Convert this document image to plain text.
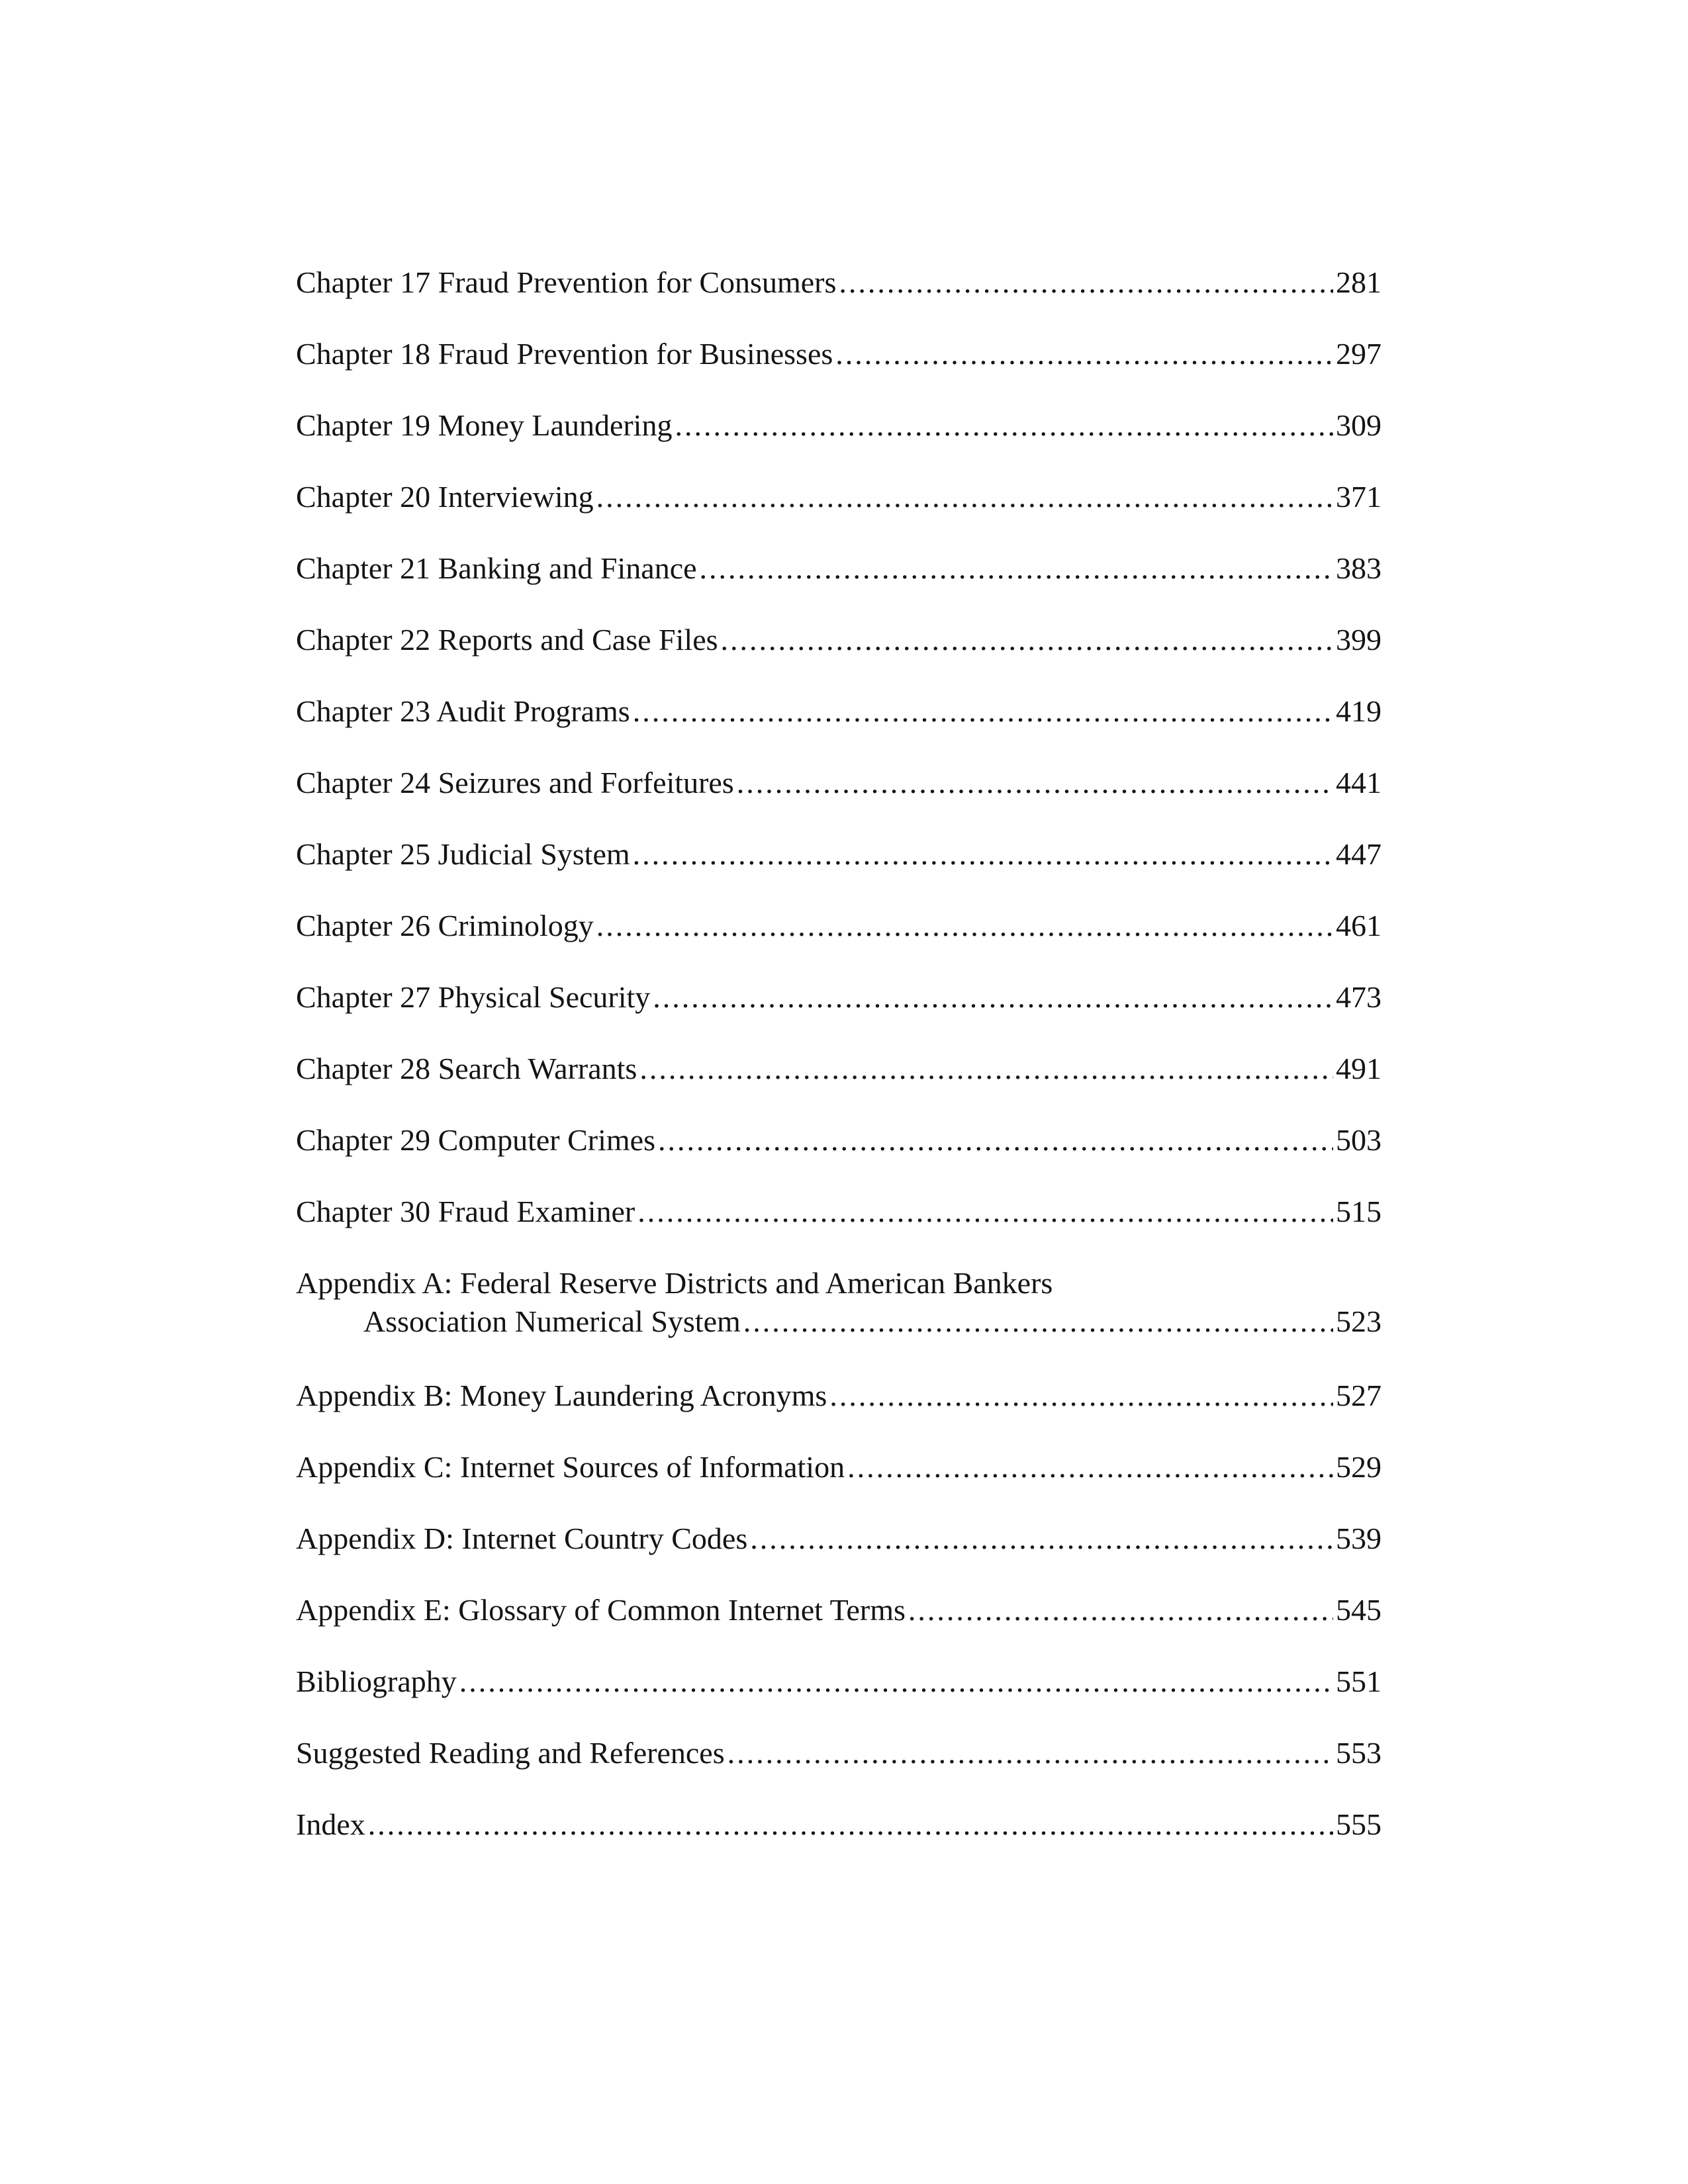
Chapter 17 Fraud Prevention for Consumers .....	281
Chapter 18 Fraud Prevention for Businesses .....	297
Chapter 19 Money Laundering .....	309
Chapter 20 Interviewing .....	371
Chapter 21 Banking and Finance .....	383
Chapter 22 Reports and Case Files .....	399
Chapter 23 Audit Programs .....	419
Chapter 24 Seizures and Forfeitures .....	441
Chapter 25 Judicial System .....	447
Chapter 26 Criminology .....	461
Chapter 27 Physical Security .....	473
Chapter 28 Search Warrants .....	491
Chapter 29 Computer Crimes .....	503
Chapter 30 Fraud Examiner .....	515
Appendix A: Federal Reserve Districts and American Bankers
Association Numerical System .....	523
Appendix B: Money Laundering Acronyms .....	527
Appendix C: Internet Sources of Information .....	529
Appendix D: Internet Country Codes .....	539
Appendix E: Glossary of Common Internet Terms .....	545
Bibliography .....	551
Suggested Reading and References .....	553
Index .....	555
